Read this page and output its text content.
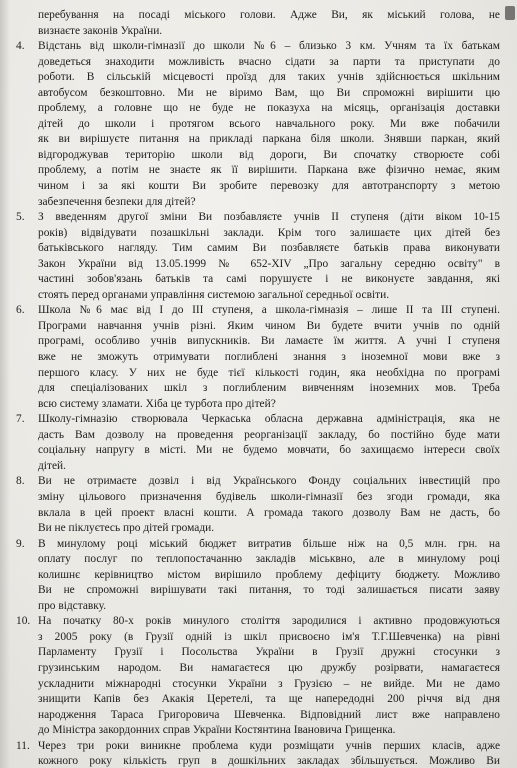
перебування на посаді міського голови. Адже Ви, як міський голова, не
визнаєте законів України.
4. Відстань від школи-гімназії до школи №6 – близько 3 км. Учням та їх батькам
доведеться знаходити можливість вчасно сідати за парти та приступати до
роботи. В сільській місцевості проїзд для таких учнів здійснюється шкільним
автобусом безкоштовно. Ми не віримо Вам, що Ви спроможні вирішити цю
проблему, а головне що не буде не показуха на місяць, організація доставки
дітей до школи і протягом всього навчального року. Ми вже побачили
як ви вирішуєте питання на прикладі паркана біля школи. Знявши паркан, який
відгороджував територію школи від дороги, Ви спочатку створюєте собі
проблему, а потім не знаєте як її вирішити. Паркана вже фізично немає, яким
чином і за які кошти Ви зробите перевозку для автотранспорту з метою
забезпечення безпеки для дітей?
5. З введенням другої зміни Ви позбавляєте учнів II ступеня (діти віком 10-15
років) відвідувати позашкільні заклади. Крім того залишаєте цих дітей без
батьківського нагляду. Тим самим Ви позбавляєте батьків права виконувати
Закон України від 13.05.1999 № 652-XIV „Про загальну середню освіту" в
частині зобов'язань батьків та самі порушуєте і не виконуєте завдання, які
стоять перед органами управління системою загальної середньої освіти.
6. Школа №6 має від I до III ступеня, а школа-гімназія – лише II та III ступені.
Програми навчання учнів різні. Яким чином Ви будете вчити учнів по одній
програмі, особливо учнів випускників. Ви ламаєте їм життя. А учні I ступеня
вже не зможуть отримувати поглиблені знання з іноземної мови вже з
першого класу. У них не буде тієї кількості годин, яка необхідна по програмі
для спеціалізованих шкіл з поглибленим вивченням іноземних мов. Треба
всю систему зламати. Хіба це турбота про дітей?
7. Школу-гімназію створювала Черкаська обласна державна адміністрація, яка не
дасть Вам дозволу на проведення реорганізації закладу, бо постійно буде мати
соціальну напругу в місті. Ми не будемо мовчати, бо захищаємо інтереси своїх
дітей.
8. Ви не отримаєте дозвіл і від Українського Фонду соціальних інвестицій про
зміну цільового призначення будівель школи-гімназії без згоди громади, яка
вклала в цей проект власні кошти. А громада такого дозволу Вам не дасть, бо
Ви не піклуєтесь про дітей громади.
9. В минулому році міський бюджет витратив більше ніж на 0,5 млн. грн. на
оплату послуг по теплопостачанню закладів міськвно, але в минулому році
колишнє керівництво містом вирішило проблему дефіциту бюджету. Можливо
Ви не спроможні вирішувати такі питання, то тоді залишається писати заяву
про відставку.
10. На початку 80-х років минулого століття зародилися і активно продовжуються
з 2005 року (в Грузії одній із шкіл присвоєно ім'я Т.Г.Шевченка) на рівні
Парламенту Грузії і Посольства України в Грузії дружні стосунки з
грузинським народом. Ви намагаєтеся цю дружбу розірвати, намагаєтеся
ускладнити міжнародні стосунки України з Грузією – не вийде. Ми не дамо
знищити Капів без Акакія Церетелі, та ще напередодні 200 річчя від дня
народження Тараса Григоровича Шевченка. Відповідний лист вже направлено
до Міністра закордонних справ України Костянтина Івановича Грищенка.
11. Через три роки виникне проблема куди розміщати учнів перших класів, адже
кожного року кількість груп в дошкільних закладах збільшується. Можливо Ви
